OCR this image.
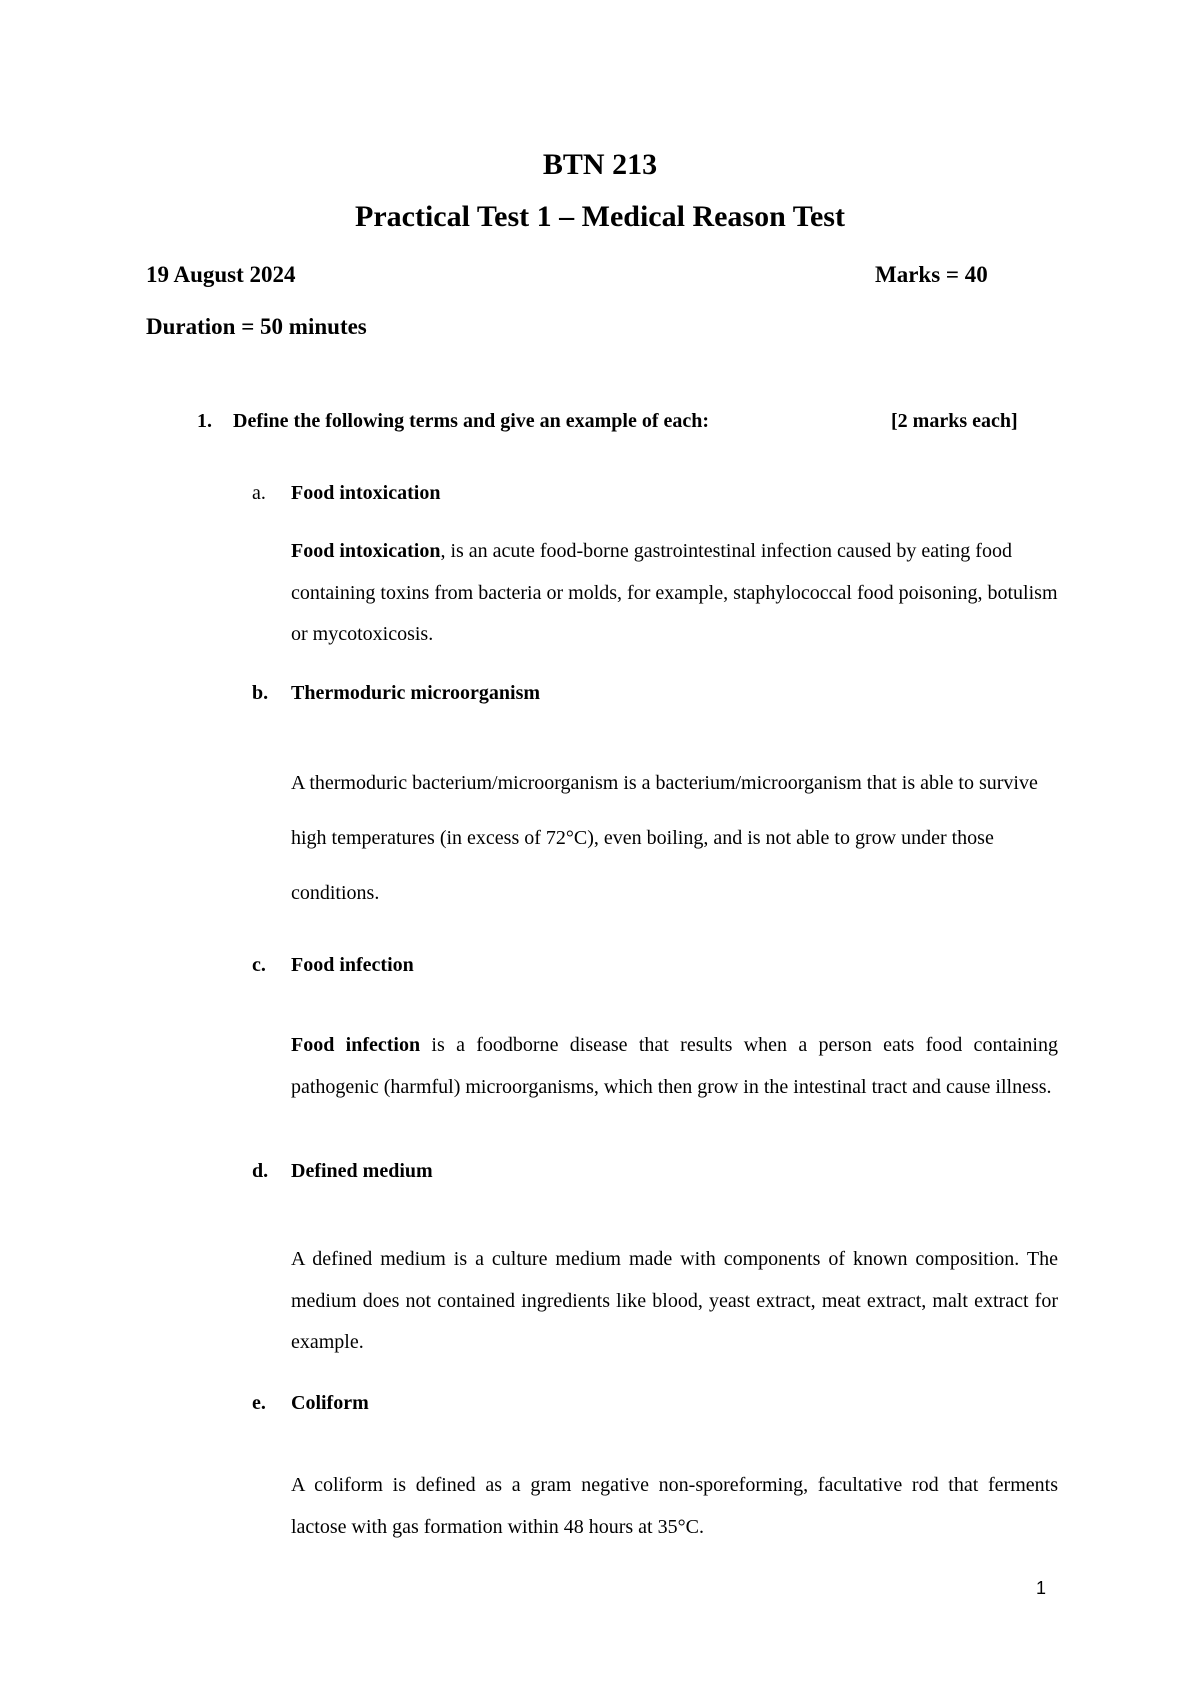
BTN 213
Practical Test 1 – Medical Reason Test
19 August 2024	Marks = 40
Duration = 50 minutes
1. Define the following terms and give an example of each:	[2 marks each]
a. Food intoxication
Food intoxication, is an acute food-borne gastrointestinal infection caused by eating food containing toxins from bacteria or molds, for example, staphylococcal food poisoning, botulism or mycotoxicosis.
b. Thermoduric microorganism
A thermoduric bacterium/microorganism is a bacterium/microorganism that is able to survive high temperatures (in excess of 72°C), even boiling, and is not able to grow under those conditions.
c. Food infection
Food infection is a foodborne disease that results when a person eats food containing pathogenic (harmful) microorganisms, which then grow in the intestinal tract and cause illness.
d. Defined medium
A defined medium is a culture medium made with components of known composition. The medium does not contained ingredients like blood, yeast extract, meat extract, malt extract for example.
e. Coliform
A coliform is defined as a gram negative non-sporeforming, facultative rod that ferments lactose with gas formation within 48 hours at 35°C.
1
